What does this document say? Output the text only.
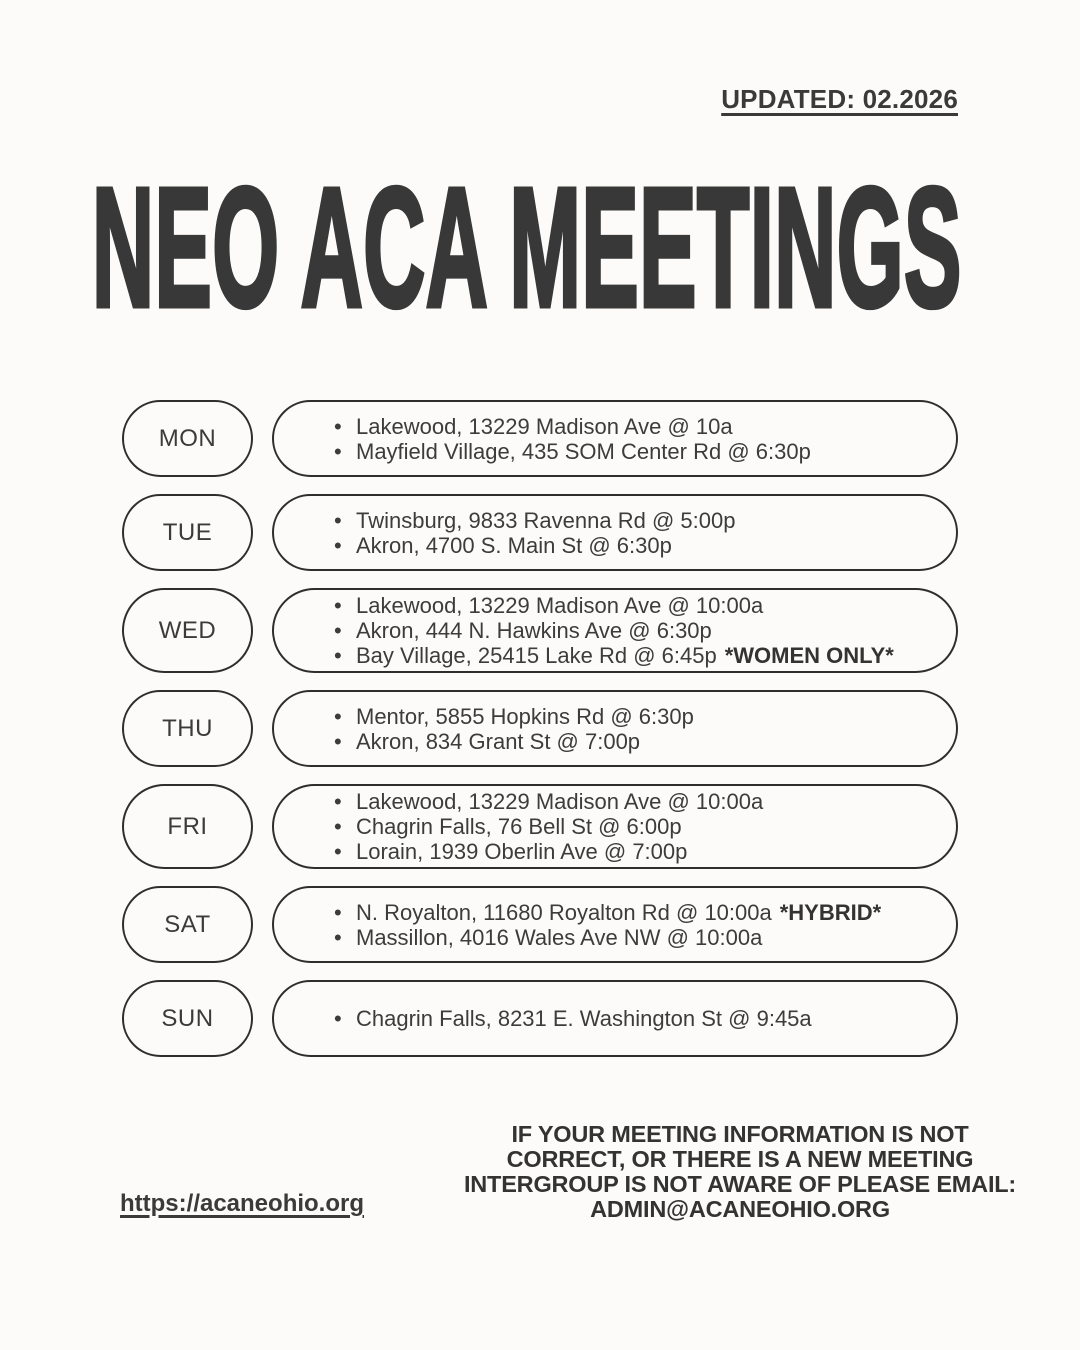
UPDATED: 02.2026
NEO ACA MEETINGS
MON	• Lakewood, 13229 Madison Ave @ 10a
• Mayfield Village, 435 SOM Center Rd @ 6:30p
TUE	• Twinsburg, 9833 Ravenna Rd @ 5:00p
• Akron, 4700 S. Main St @ 6:30p
WED
• Lakewood, 13229 Madison Ave @ 10:00a
• Akron, 444 N. Hawkins Ave @ 6:30p
• Bay Village, 25415 Lake Rd @ 6:45p *WOMEN ONLY*
THU	• Mentor, 5855 Hopkins Rd @ 6:30p
• Akron, 834 Grant St @ 7:00p
FRI
• Lakewood, 13229 Madison Ave @ 10:00a
• Chagrin Falls, 76 Bell St @ 6:00p
• Lorain, 1939 Oberlin Ave @ 7:00p
SAT	• N. Royalton, 11680 Royalton Rd @ 10:00a *HYBRID*
• Massillon, 4016 Wales Ave NW @ 10:00a
SUN	• Chagrin Falls, 8231 E. Washington St @ 9:45a
https://acaneohio.org
IF YOUR MEETING INFORMATION IS NOT
CORRECT, OR THERE IS A NEW MEETING
INTERGROUP IS NOT AWARE OF PLEASE EMAIL:
ADMIN@ACANEOHIO.ORG
